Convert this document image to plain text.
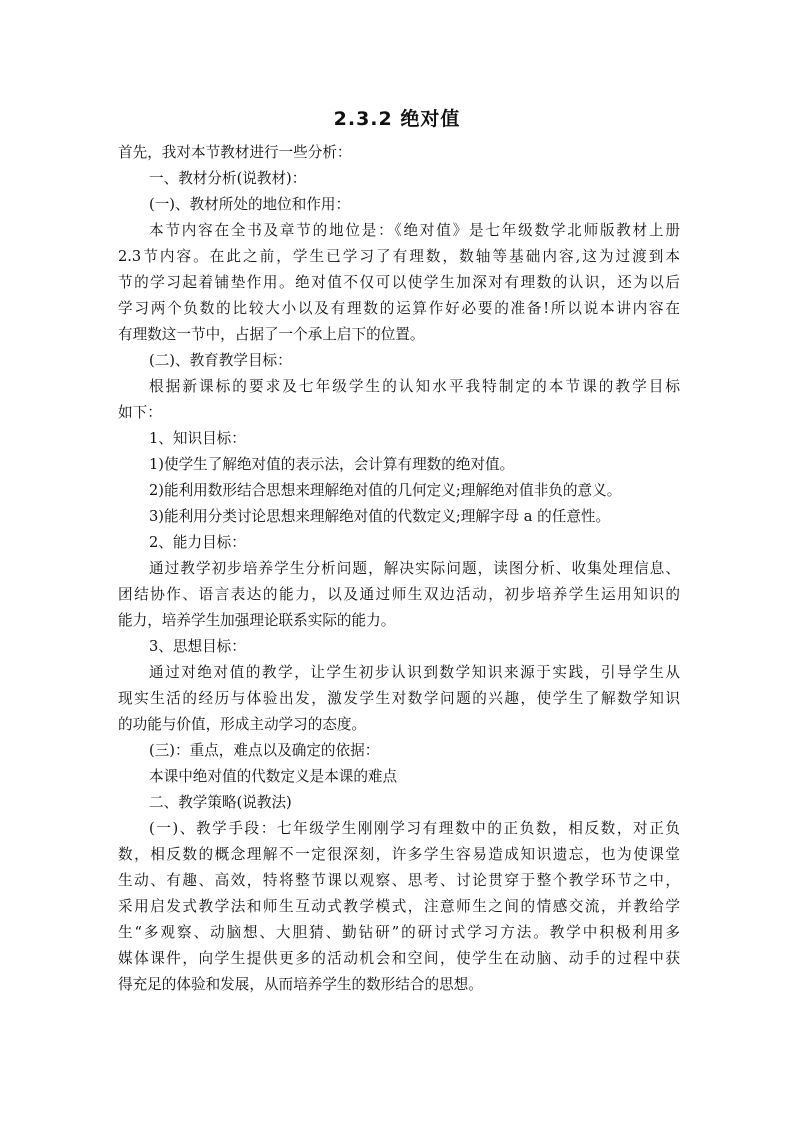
2.3.2 绝对值
首先，我对本节教材进行一些分析：
一、教材分析(说教材)：
(一)、教材所处的地位和作用：
本节内容在全书及章节的地位是：《绝对值》是七年级数学北师版教材上册
2.3节内容。在此之前，学生已学习了有理数，数轴等基础内容,这为过渡到本
节的学习起着铺垫作用。绝对值不仅可以使学生加深对有理数的认识，还为以后
学习两个负数的比较大小以及有理数的运算作好必要的准备!所以说本讲内容在
有理数这一节中，占据了一个承上启下的位置。
(二)、教育教学目标：
根据新课标的要求及七年级学生的认知水平我特制定的本节课的教学目标
如下：
1、知识目标：
1)使学生了解绝对值的表示法，会计算有理数的绝对值。
2)能利用数形结合思想来理解绝对值的几何定义;理解绝对值非负的意义。
3)能利用分类讨论思想来理解绝对值的代数定义;理解字母 a 的任意性。
2、能力目标：
通过教学初步培养学生分析问题，解决实际问题，读图分析、收集处理信息、
团结协作、语言表达的能力，以及通过师生双边活动，初步培养学生运用知识的
能力，培养学生加强理论联系实际的能力。
3、思想目标：
通过对绝对值的教学，让学生初步认识到数学知识来源于实践，引导学生从
现实生活的经历与体验出发，激发学生对数学问题的兴趣，使学生了解数学知识
的功能与价值，形成主动学习的态度。
(三)：重点，难点以及确定的依据：
本课中绝对值的代数定义是本课的难点
二、教学策略(说教法)
(一)、教学手段：七年级学生刚刚学习有理数中的正负数，相反数，对正负
数，相反数的概念理解不一定很深刻，许多学生容易造成知识遗忘，也为使课堂
生动、有趣、高效，特将整节课以观察、思考、讨论贯穿于整个教学环节之中，
采用启发式教学法和师生互动式教学模式，注意师生之间的情感交流，并教给学
生“多观察、动脑想、大胆猜、勤钻研”的研讨式学习方法。教学中积极利用多
媒体课件，向学生提供更多的活动机会和空间，使学生在动脑、动手的过程中获
得充足的体验和发展，从而培养学生的数形结合的思想。
